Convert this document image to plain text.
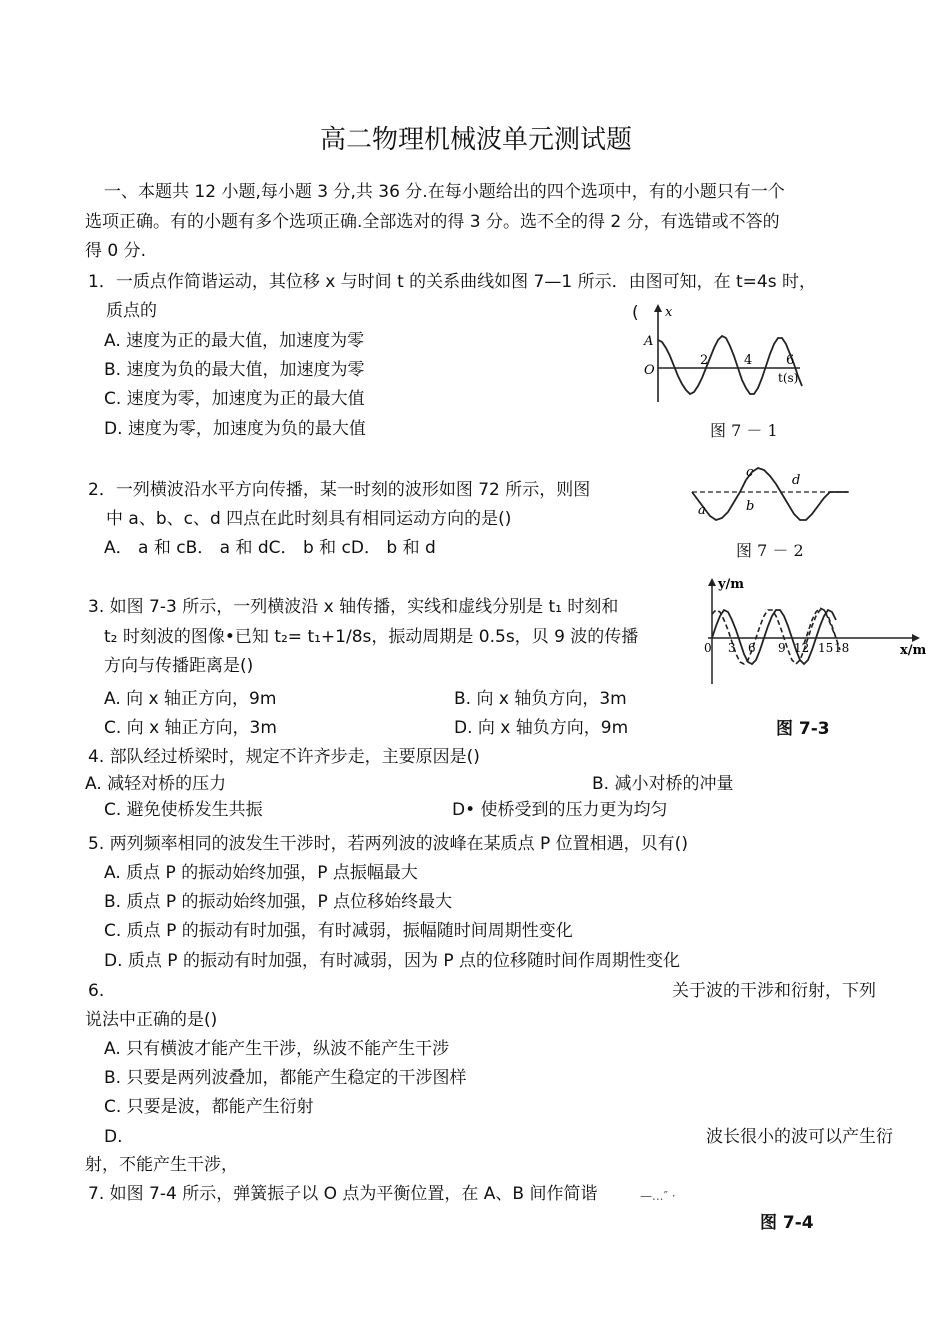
高二物理机械波单元测试题
一、本题共 12 小题,每小题 3 分,共 36 分.在每小题给出的四个选项中，有的小题只有一个
选项正确。有的小题有多个选项正确.全部选对的得 3 分。选不全的得 2 分，有选错或不答的
得 0 分.
1．一质点作简谐运动，其位移 x 与时间 t 的关系曲线如图 7—1 所示．由图可知，在 t=4s 时，
质点的	(
A. 速度为正的最大值，加速度为零
B. 速度为负的最大值，加速度为零
C. 速度为零，加速度为正的最大值
D. 速度为零，加速度为负的最大值
x
A
O
2	4	6
t(s)
图 7 － 1
2．一列横波沿水平方向传播，某一时刻的波形如图 72 所示，则图
中 a、b、c、d 四点在此时刻具有相同运动方向的是()
A． a 和 cB． a 和 dC． b 和 cD． b 和 d
a	b
c
d
图 7 － 2
3. 如图 7-3 所示，一列横波沿 x 轴传播，实线和虚线分别是 t₁ 时刻和
t₂ 时刻波的图像•已知 t₂= t₁+1/8s，振动周期是 0.5s，贝 9 波的传播
方向与传播距离是()
A. 向 x 轴正方向，9m	B. 向 x 轴负方向，3m
C. 向 x 轴正方向，3m	D. 向 x 轴负方向，9m
y/m
0 3 6 9 12 15 18	x/m
图 7-3
4. 部队经过桥梁时，规定不许齐步走，主要原因是()
A. 减轻对桥的压力	B. 减小对桥的冲量
C. 避免使桥发生共振	D• 使桥受到的压力更为均匀
5. 两列频率相同的波发生干涉时，若两列波的波峰在某质点 P 位置相遇，贝有()
A. 质点 P 的振动始终加强，P 点振幅最大
B. 质点 P 的振动始终加强，P 点位移始终最大
C. 质点 P 的振动有时加强，有时减弱，振幅随时间周期性变化
D. 质点 P 的振动有时加强，有时减弱，因为 P 点的位移随时间作周期性变化
6.	关于波的干涉和衍射，下列
说法中正确的是()
A. 只有横波才能产生干涉，纵波不能产生干涉
B. 只要是两列波叠加，都能产生稳定的干涉图样
C. 只要是波，都能产生衍射
D.	波长很小的波可以产生衍
射，不能产生干涉，
7. 如图 7-4 所示，弹簧振子以 O 点为平衡位置，在 A、B 间作简谐	—...″ ·
图 7-4
